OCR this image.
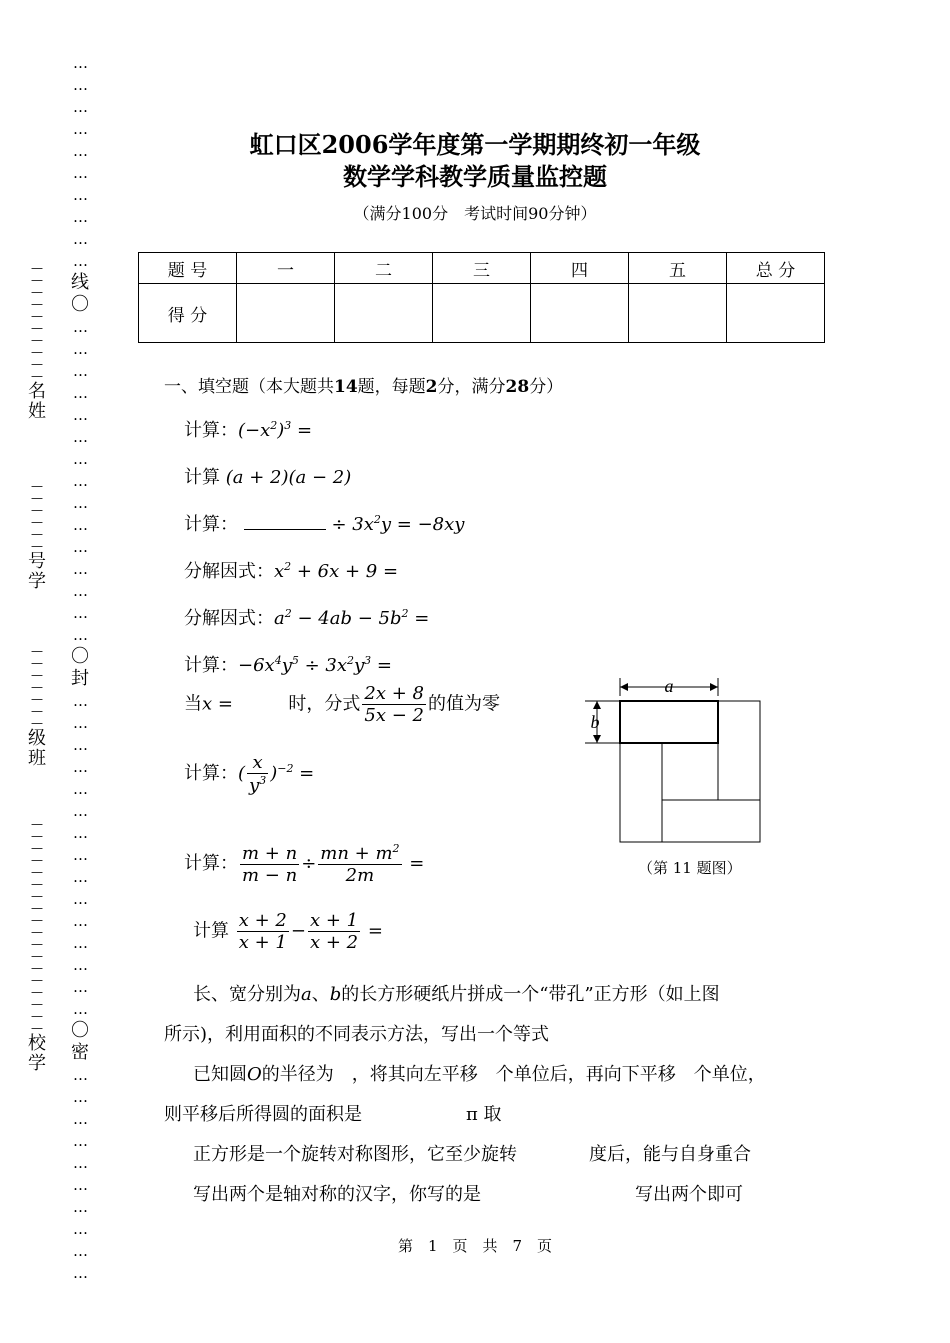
…
…
…
…
…
…
…
…
…
…
线
〇
…
…
…
…
…
…
…
…
…
…
…
…
…
…
…
〇
封
…
…
…
…
…
…
…
…
…
…
…
…
…
…
…
〇
密
…
…
…
…
…
…
…
…
…
…
—
—
—
—
—
—
—
—
—
—
名
姓
—
—
—
—
—
—
号
学
—
—
—
—
—
—
—
级
班
—
—
—
—
—
—
—
—
—
—
—
—
—
—
—
—
—
—
校
学
虹口区2006学年度第一学期期终初一年级
数学学科教学质量监控题
（满分100分　考试时间90分钟）
题 号	一	二	三	四	五	总 分
得 分						
一、填空题（本大题共14题，每题2分，满分28分）
计算：$(-x^2)^3$ =
计算 (a + 2)(a − 2)
计算：	÷ $3x^2y = -8xy$
分解因式：$x^2 + 6x + 9$ =
分解因式：$a^2 - 4ab - 5b^2$ =
计算：$-6x^4y^5 \div 3x^2y^3$ =
当x =	时，分式 $\frac{2x + 8}{5x - 2}$ 的值为零
计算：( $\frac{x}{y^3} )^{-2}$ =
计算： $\frac{m + n}{m - n} \div \frac{mn + m^2}{2m}$ =
计算 $\frac{x + 2}{x + 1} - \frac{x + 1}{x + 2}$ =
长、宽分别为a、b的长方形硬纸片拼成一个“带孔”正方形（如上图
所示)，利用面积的不同表示方法，写出一个等式
已知圆O的半径为　，将其向左平移　个单位后，再向下平移　个单位，
则平移后所得圆的面积是	π 取
正方形是一个旋转对称图形，它至少旋转　　　　度后，能与自身重合
写出两个是轴对称的汉字，你写的是	写出两个即可
a
b
（第 11 题图）
第　1　页　共　7　页
